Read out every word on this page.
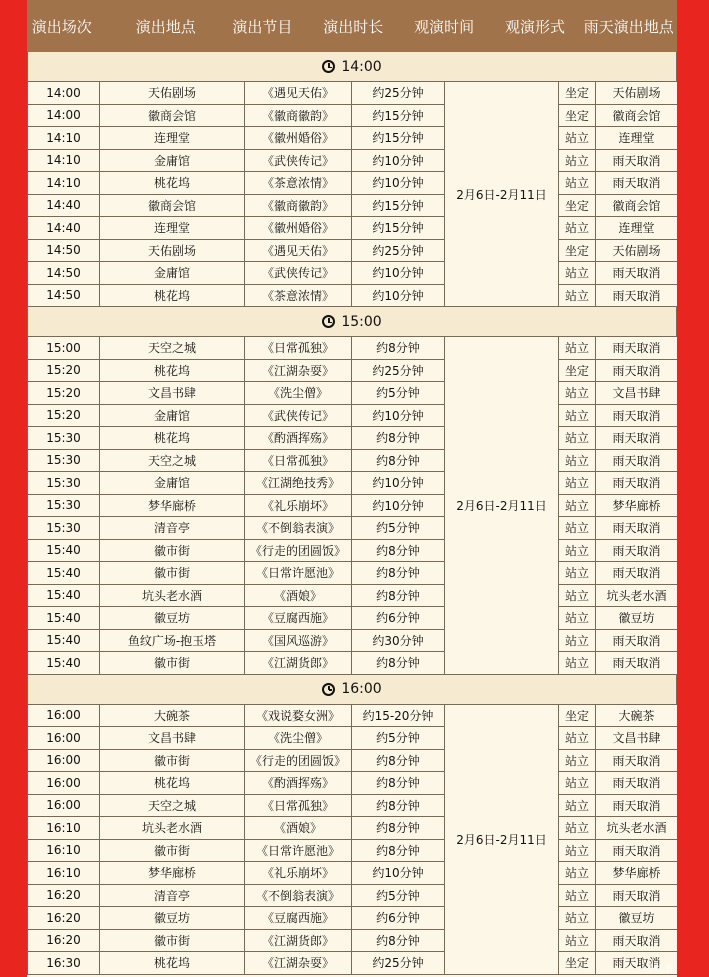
演出场次	演出地点	演出节目	演出时长	观演时间	观演形式	雨天演出地点
14:00
14:00	天佑剧场	《遇见天佑》	约25分钟	2月6日-2月11日	坐定	天佑剧场
14:00	徽商会馆	《徽商徽韵》	约15分钟		坐定	徽商会馆
14:10	连理堂	《徽州婚俗》	约15分钟		站立	连理堂
14:10	金庸馆	《武侠传记》	约10分钟		站立	雨天取消
14:10	桃花坞	《茶意浓情》	约10分钟		站立	雨天取消
14:40	徽商会馆	《徽商徽韵》	约15分钟		坐定	徽商会馆
14:40	连理堂	《徽州婚俗》	约15分钟		站立	连理堂
14:50	天佑剧场	《遇见天佑》	约25分钟		坐定	天佑剧场
14:50	金庸馆	《武侠传记》	约10分钟		站立	雨天取消
14:50	桃花坞	《茶意浓情》	约10分钟		站立	雨天取消
15:00
15:00	天空之城	《日常孤独》	约8分钟	2月6日-2月11日	站立	雨天取消
15:20	桃花坞	《江湖杂耍》	约25分钟		坐定	雨天取消
15:20	文昌书肆	《洗尘僧》	约5分钟		站立	文昌书肆
15:20	金庸馆	《武侠传记》	约10分钟		站立	雨天取消
15:30	桃花坞	《酌酒挥殇》	约8分钟		站立	雨天取消
15:30	天空之城	《日常孤独》	约8分钟		站立	雨天取消
15:30	金庸馆	《江湖绝技秀》	约10分钟		站立	雨天取消
15:30	梦华廊桥	《礼乐崩坏》	约10分钟		站立	梦华廊桥
15:30	清音亭	《不倒翁表演》	约5分钟		站立	雨天取消
15:40	徽市街	《行走的团圆饭》	约8分钟		站立	雨天取消
15:40	徽市街	《日常许愿池》	约8分钟		站立	雨天取消
15:40	坑头老水酒	《酒娘》	约8分钟		站立	坑头老水酒
15:40	徽豆坊	《豆腐西施》	约6分钟		站立	徽豆坊
15:40	鱼纹广场-抱玉塔	《国风巡游》	约30分钟		站立	雨天取消
15:40	徽市街	《江湖货郎》	约8分钟		站立	雨天取消
16:00
16:00	大碗茶	《戏说婺女洲》	约15-20分钟	2月6日-2月11日	坐定	大碗茶
16:00	文昌书肆	《洗尘僧》	约5分钟		站立	文昌书肆
16:00	徽市街	《行走的团圆饭》	约8分钟		站立	雨天取消
16:00	桃花坞	《酌酒挥殇》	约8分钟		站立	雨天取消
16:00	天空之城	《日常孤独》	约8分钟		站立	雨天取消
16:10	坑头老水酒	《酒娘》	约8分钟		站立	坑头老水酒
16:10	徽市街	《日常许愿池》	约8分钟		站立	雨天取消
16:10	梦华廊桥	《礼乐崩坏》	约10分钟		站立	梦华廊桥
16:20	清音亭	《不倒翁表演》	约5分钟		站立	雨天取消
16:20	徽豆坊	《豆腐西施》	约6分钟		站立	徽豆坊
16:20	徽市街	《江湖货郎》	约8分钟		站立	雨天取消
16:30	桃花坞	《江湖杂耍》	约25分钟		坐定	雨天取消
小红书
